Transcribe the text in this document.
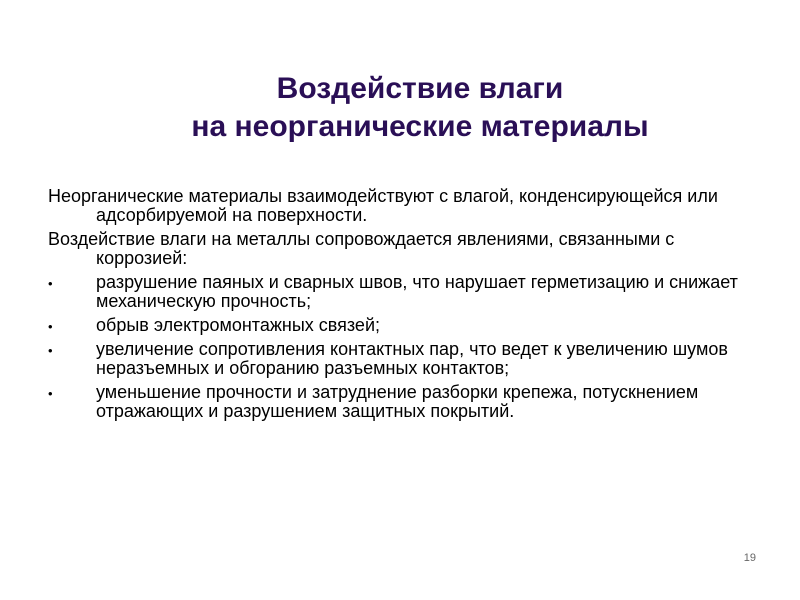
Воздействие влаги
на неорганические материалы

Неорганические материалы взаимодействуют с влагой, конденсирующейся или адсорбируемой на поверхности.

Воздействие влаги на металлы сопровождается явлениями, связанными с коррозией:

• разрушение паяных и сварных швов, что нарушает герметизацию и снижает механическую прочность;
• обрыв электромонтажных связей;
• увеличение сопротивления контактных пар, что ведет к увеличению шумов неразъемных и обгоранию разъемных контактов;
• уменьшение прочности и затруднение разборки крепежа, потускнением отражающих и разрушением защитных покрытий.
19
